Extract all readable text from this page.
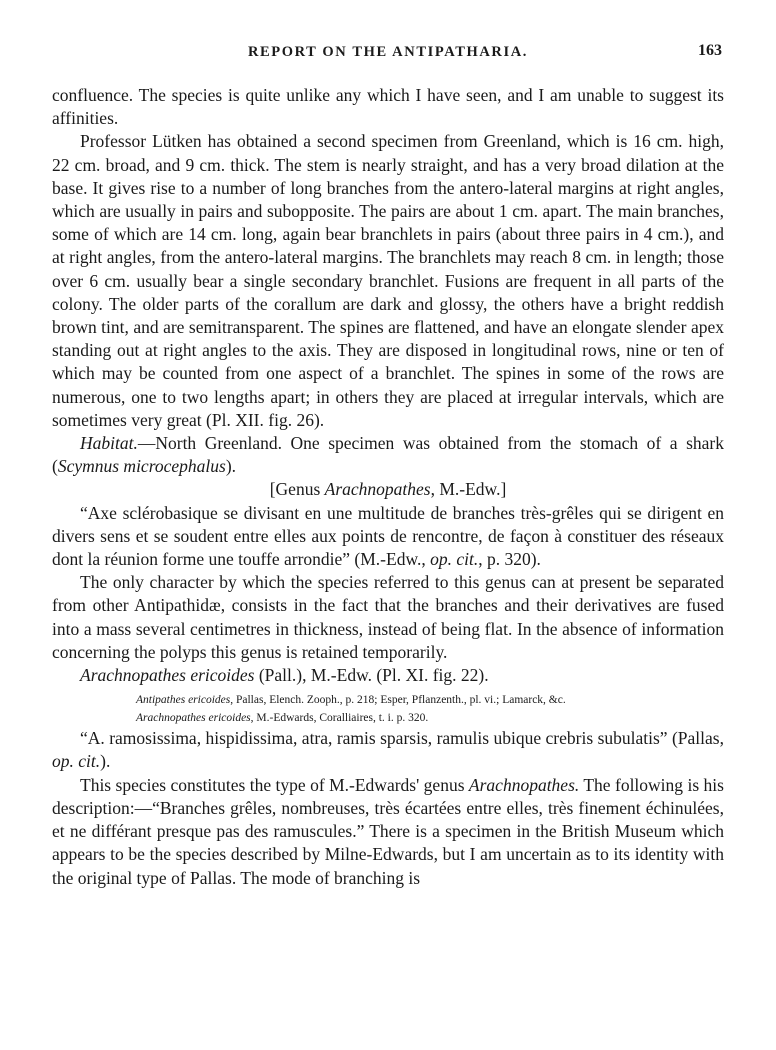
REPORT ON THE ANTIPATHARIA.	163

confluence. The species is quite unlike any which I have seen, and I am unable to suggest its affinities.

Professor Lütken has obtained a second specimen from Greenland, which is 16 cm. high, 22 cm. broad, and 9 cm. thick. The stem is nearly straight, and has a very broad dilation at the base. It gives rise to a number of long branches from the antero-lateral margins at right angles, which are usually in pairs and subopposite. The pairs are about 1 cm. apart. The main branches, some of which are 14 cm. long, again bear branchlets in pairs (about three pairs in 4 cm.), and at right angles, from the antero-lateral margins. The branchlets may reach 8 cm. in length; those over 6 cm. usually bear a single secondary branchlet. Fusions are frequent in all parts of the colony. The older parts of the corallum are dark and glossy, the others have a bright reddish brown tint, and are semitransparent. The spines are flattened, and have an elongate slender apex standing out at right angles to the axis. They are disposed in longitudinal rows, nine or ten of which may be counted from one aspect of a branchlet. The spines in some of the rows are numerous, one to two lengths apart; in others they are placed at irregular intervals, which are sometimes very great (Pl. XII. fig. 26).

Habitat.—North Greenland. One specimen was obtained from the stomach of a shark (Scymnus microcephalus).

[Genus Arachnopathes, M.-Edw.]

“Axe sclérobasique se divisant en une multitude de branches très-grêles qui se dirigent en divers sens et se soudent entre elles aux points de rencontre, de façon à constituer des réseaux dont la réunion forme une touffe arrondie” (M.-Edw., op. cit., p. 320).

The only character by which the species referred to this genus can at present be separated from other Antipathidæ, consists in the fact that the branches and their derivatives are fused into a mass several centimetres in thickness, instead of being flat. In the absence of information concerning the polyps this genus is retained temporarily.

Arachnopathes ericoides (Pall.), M.-Edw. (Pl. XI. fig. 22).

Antipathes ericoides, Pallas, Elench. Zooph., p. 218; Esper, Pflanzenth., pl. vi.; Lamarck, &c.
Arachnopathes ericoides, M.-Edwards, Coralliaires, t. i. p. 320.

“A. ramosissima, hispidissima, atra, ramis sparsis, ramulis ubique crebris subulatis” (Pallas, op. cit.).

This species constitutes the type of M.-Edwards' genus Arachnopathes. The following is his description:—“Branches grêles, nombreuses, très écartées entre elles, très finement échinulées, et ne différant presque pas des ramuscules.” There is a specimen in the British Museum which appears to be the species described by Milne-Edwards, but I am uncertain as to its identity with the original type of Pallas. The mode of branching is
